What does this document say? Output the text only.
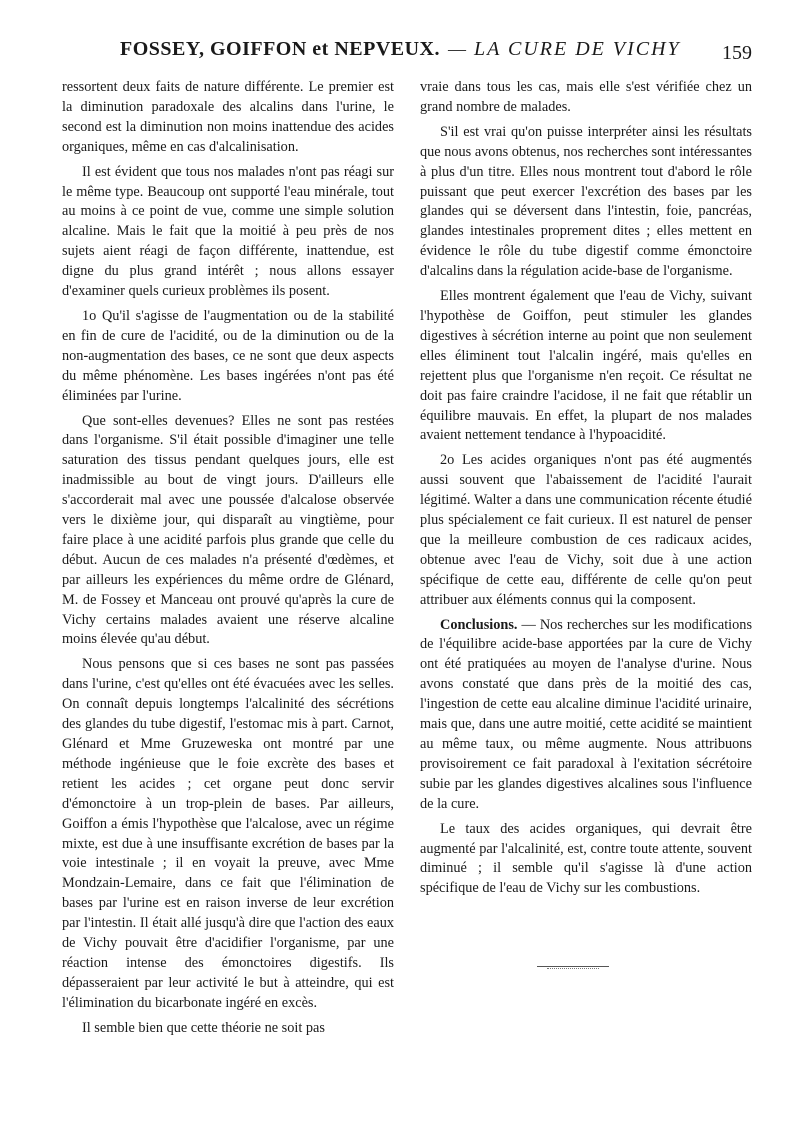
FOSSEY, GOIFFON et NEPVEUX. — LA CURE DE VICHY 159

ressortent deux faits de nature différente. Le premier est la diminution paradoxale des alcalins dans l'urine, le second est la diminution non moins inattendue des acides organiques, même en cas d'alcalinisation.

Il est évident que tous nos malades n'ont pas réagi sur le même type. Beaucoup ont supporté l'eau minérale, tout au moins à ce point de vue, comme une simple solution alcaline. Mais le fait que la moitié à peu près de nos sujets aient réagi de façon différente, inattendue, est digne du plus grand intérêt ; nous allons essayer d'examiner quels curieux problèmes ils posent.

1o Qu'il s'agisse de l'augmentation ou de la stabilité en fin de cure de l'acidité, ou de la diminution ou de la non-augmentation des bases, ce ne sont que deux aspects du même phénomène. Les bases ingérées n'ont pas été éliminées par l'urine.

Que sont-elles devenues? Elles ne sont pas restées dans l'organisme. S'il était possible d'imaginer une telle saturation des tissus pendant quelques jours, elle est inadmissible au bout de vingt jours. D'ailleurs elle s'accorderait mal avec une poussée d'alcalose observée vers le dixième jour, qui disparaît au vingtième, pour faire place à une acidité parfois plus grande que celle du début. Aucun de ces malades n'a présenté d'œdèmes, et par ailleurs les expériences du même ordre de Glénard, M. de Fossey et Manceau ont prouvé qu'après la cure de Vichy certains malades avaient une réserve alcaline moins élevée qu'au début.

Nous pensons que si ces bases ne sont pas passées dans l'urine, c'est qu'elles ont été évacuées avec les selles. On connaît depuis longtemps l'alcalinité des sécrétions des glandes du tube digestif, l'estomac mis à part. Carnot, Glénard et Mme Gruzeweska ont montré par une méthode ingénieuse que le foie excrète des bases et retient les acides ; cet organe peut donc servir d'émonctoire à un trop-plein de bases. Par ailleurs, Goiffon a émis l'hypothèse que l'alcalose, avec un régime mixte, est due à une insuffisante excrétion de bases par la voie intestinale ; il en voyait la preuve, avec Mme Mondzain-Lemaire, dans ce fait que l'élimination de bases par l'urine est en raison inverse de leur excrétion par l'intestin. Il était allé jusqu'à dire que l'action des eaux de Vichy pouvait être d'acidifier l'organisme, par une réaction intense des émonctoires digestifs. Ils dépasseraient par leur activité le but à atteindre, qui est l'élimination du bicarbonate ingéré en excès.

Il semble bien que cette théorie ne soit pas

vraie dans tous les cas, mais elle s'est vérifiée chez un grand nombre de malades.

S'il est vrai qu'on puisse interpréter ainsi les résultats que nous avons obtenus, nos recherches sont intéressantes à plus d'un titre. Elles nous montrent tout d'abord le rôle puissant que peut exercer l'excrétion des bases par les glandes qui se déversent dans l'intestin, foie, pancréas, glandes intestinales proprement dites ; elles mettent en évidence le rôle du tube digestif comme émonctoire d'alcalins dans la régulation acide-base de l'organisme.

Elles montrent également que l'eau de Vichy, suivant l'hypothèse de Goiffon, peut stimuler les glandes digestives à sécrétion interne au point que non seulement elles éliminent tout l'alcalin ingéré, mais qu'elles en rejettent plus que l'organisme n'en reçoit. Ce résultat ne doit pas faire craindre l'acidose, il ne fait que rétablir un équilibre mauvais. En effet, la plupart de nos malades avaient nettement tendance à l'hypoacidité.

2o Les acides organiques n'ont pas été augmentés aussi souvent que l'abaissement de l'acidité l'aurait légitimé. Walter a dans une communication récente étudié plus spécialement ce fait curieux. Il est naturel de penser que la meilleure combustion de ces radicaux acides, obtenue avec l'eau de Vichy, soit due à une action spécifique de cette eau, différente de celle qu'on peut attribuer aux éléments connus qui la composent.

Conclusions. — Nos recherches sur les modifications de l'équilibre acide-base apportées par la cure de Vichy ont été pratiquées au moyen de l'analyse d'urine. Nous avons constaté que dans près de la moitié des cas, l'ingestion de cette eau alcaline diminue l'acidité urinaire, mais que, dans une autre moitié, cette acidité se maintient au même taux, ou même augmente. Nous attribuons provisoirement ce fait paradoxal à l'exitation sécrétoire subie par les glandes digestives alcalines sous l'influence de la cure.

Le taux des acides organiques, qui devrait être augmenté par l'alcalinité, est, contre toute attente, souvent diminué ; il semble qu'il s'agisse là d'une action spécifique de l'eau de Vichy sur les combustions.
